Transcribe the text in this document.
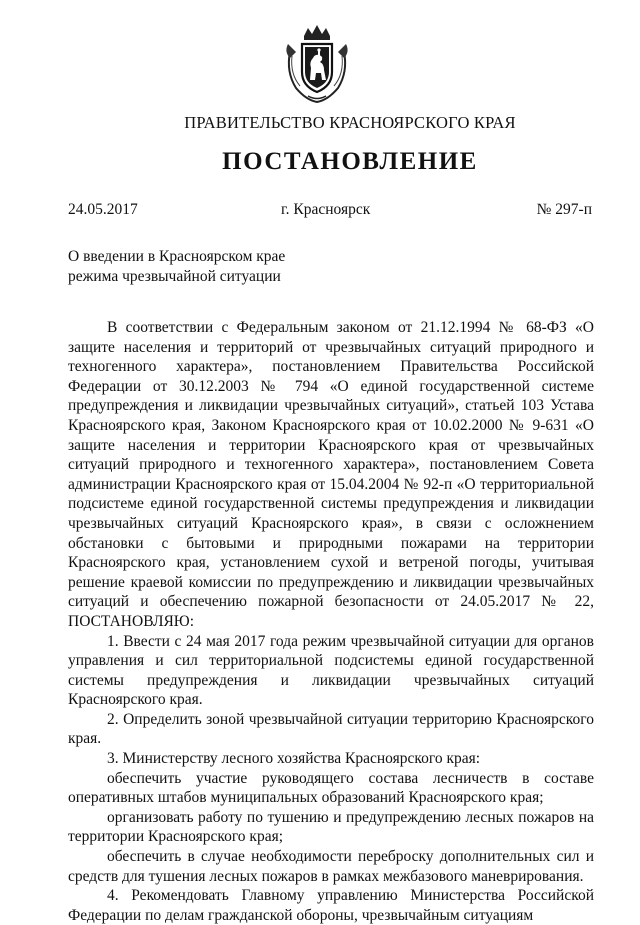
ПРАВИТЕЛЬСТВО КРАСНОЯРСКОГО КРАЯ
ПОСТАНОВЛЕНИЕ
24.05.2017	г. Красноярск	№ 297-п
О введении в Красноярском крае
режима чрезвычайной ситуации

В соответствии с Федеральным законом от 21.12.1994 № 68-ФЗ «О защите населения и территорий от чрезвычайных ситуаций природного и техногенного характера», постановлением Правительства Российской Федерации от 30.12.2003 № 794 «О единой государственной системе предупреждения и ликвидации чрезвычайных ситуаций», статьей 103 Устава Красноярского края, Законом Красноярского края от 10.02.2000 № 9-631 «О защите населения и территории Красноярского края от чрезвычайных ситуаций природного и техногенного характера», постановлением Совета администрации Красноярского края от 15.04.2004 № 92-п «О территориальной подсистеме единой государственной системы предупреждения и ликвидации чрезвычайных ситуаций Красноярского края», в связи с осложнением обстановки с бытовыми и природными пожарами на территории Красноярского края, установлением сухой и ветреной погоды, учитывая решение краевой комиссии по предупреждению и ликвидации чрезвычайных ситуаций и обеспечению пожарной безопасности от 24.05.2017 № 22, ПОСТАНОВЛЯЮ:

1. Ввести с 24 мая 2017 года режим чрезвычайной ситуации для органов управления и сил территориальной подсистемы единой государственной системы предупреждения и ликвидации чрезвычайных ситуаций Красноярского края.

2. Определить зоной чрезвычайной ситуации территорию Красноярского края.

3. Министерству лесного хозяйства Красноярского края:

обеспечить участие руководящего состава лесничеств в составе оперативных штабов муниципальных образований Красноярского края;

организовать работу по тушению и предупреждению лесных пожаров на территории Красноярского края;

обеспечить в случае необходимости переброску дополнительных сил и средств для тушения лесных пожаров в рамках межбазового маневрирования.

4. Рекомендовать Главному управлению Министерства Российской Федерации по делам гражданской обороны, чрезвычайным ситуациям
